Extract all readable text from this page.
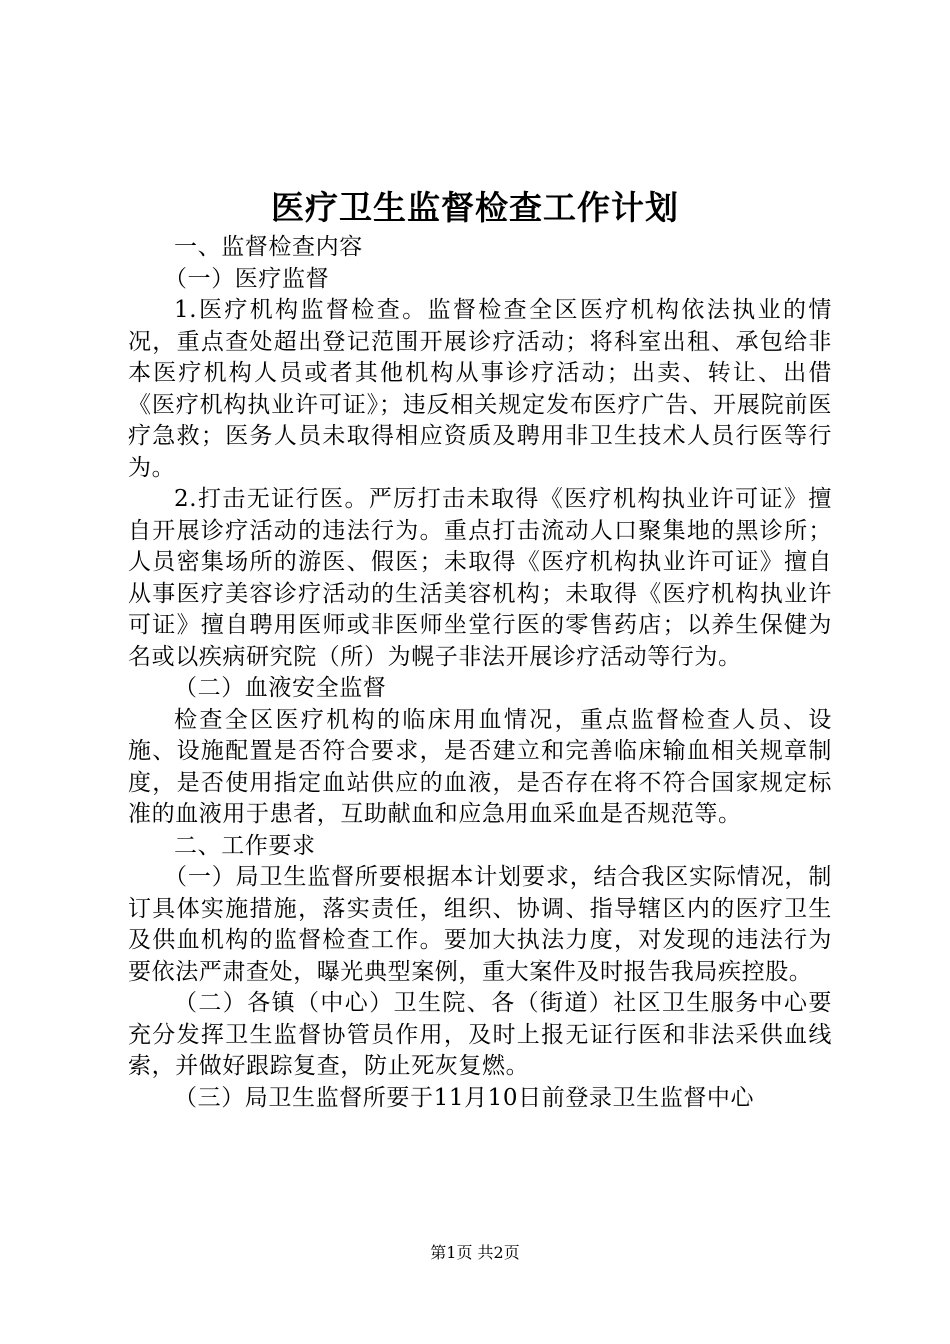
医疗卫生监督检查工作计划

一、监督检查内容

（一）医疗监督

1.医疗机构监督检查。监督检查全区医疗机构依法执业的情况，重点查处超出登记范围开展诊疗活动；将科室出租、承包给非本医疗机构人员或者其他机构从事诊疗活动；出卖、转让、出借《医疗机构执业许可证》；违反相关规定发布医疗广告、开展院前医疗急救；医务人员未取得相应资质及聘用非卫生技术人员行医等行为。

2.打击无证行医。严厉打击未取得《医疗机构执业许可证》擅自开展诊疗活动的违法行为。重点打击流动人口聚集地的黑诊所；人员密集场所的游医、假医；未取得《医疗机构执业许可证》擅自从事医疗美容诊疗活动的生活美容机构；未取得《医疗机构执业许可证》擅自聘用医师或非医师坐堂行医的零售药店；以养生保健为名或以疾病研究院（所）为幌子非法开展诊疗活动等行为。

（二）血液安全监督

检查全区医疗机构的临床用血情况，重点监督检查人员、设施、设施配置是否符合要求，是否建立和完善临床输血相关规章制度，是否使用指定血站供应的血液，是否存在将不符合国家规定标准的血液用于患者，互助献血和应急用血采血是否规范等。

二、工作要求

（一）局卫生监督所要根据本计划要求，结合我区实际情况，制订具体实施措施，落实责任，组织、协调、指导辖区内的医疗卫生及供血机构的监督检查工作。要加大执法力度，对发现的违法行为要依法严肃查处，曝光典型案例，重大案件及时报告我局疾控股。

（二）各镇（中心）卫生院、各（街道）社区卫生服务中心要充分发挥卫生监督协管员作用，及时上报无证行医和非法采供血线索，并做好跟踪复查，防止死灰复燃。

（三）局卫生监督所要于11月10日前登录卫生监督中心

第1页 共2页
